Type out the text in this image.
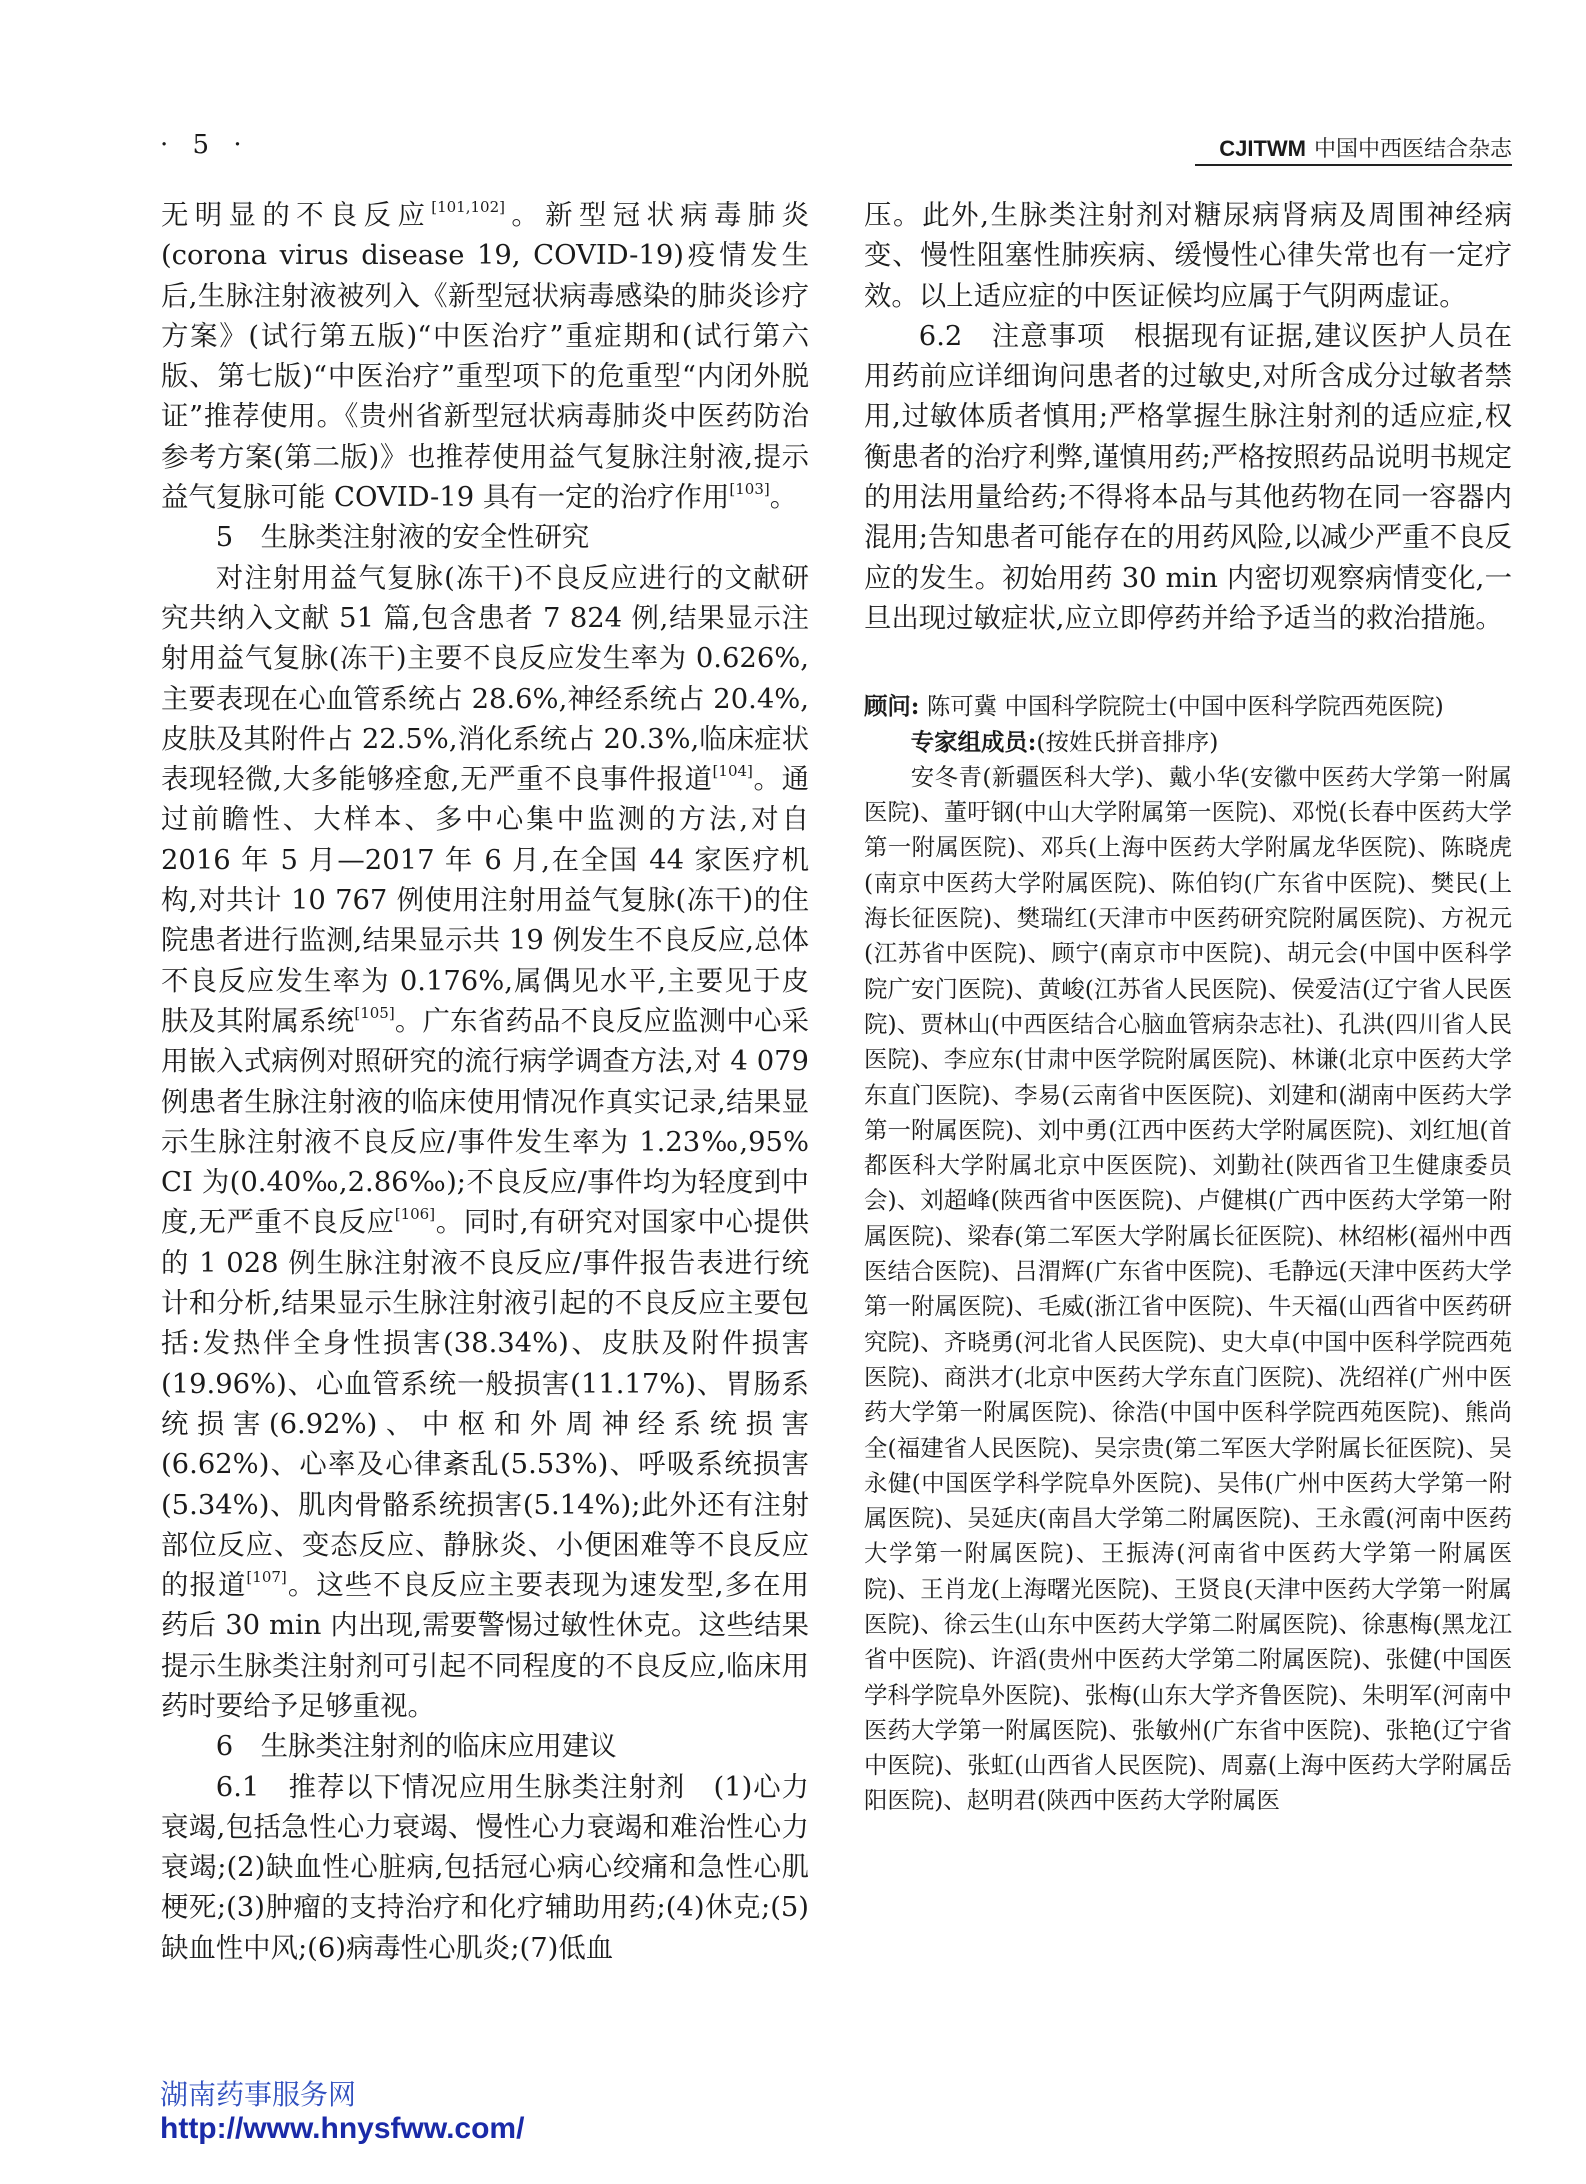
· 5 ·	CJITWM 中国中西医结合杂志

无明显的不良反应[101,102]。新型冠状病毒肺炎 (corona virus disease 19, COVID-19)疫情发生后,生脉注射液被列入《新型冠状病毒感染的肺炎诊疗方案》(试行第五版)“中医治疗”重症期和(试行第六版、第七版)“中医治疗”重型项下的危重型“内闭外脱证”推荐使用。《贵州省新型冠状病毒肺炎中医药防治参考方案(第二版)》也推荐使用益气复脉注射液,提示益气复脉可能 COVID-19 具有一定的治疗作用[103]。

5　生脉类注射液的安全性研究

对注射用益气复脉(冻干)不良反应进行的文献研究共纳入文献 51 篇,包含患者 7 824 例,结果显示注射用益气复脉(冻干)主要不良反应发生率为 0.626%,主要表现在心血管系统占 28.6%,神经系统占 20.4%,皮肤及其附件占 22.5%,消化系统占 20.3%,临床症状表现轻微,大多能够痊愈,无严重不良事件报道[104]。通过前瞻性、大样本、多中心集中监测的方法,对自 2016 年 5 月—2017 年 6 月,在全国 44 家医疗机构,对共计 10 767 例使用注射用益气复脉(冻干)的住院患者进行监测,结果显示共 19 例发生不良反应,总体不良反应发生率为 0.176%,属偶见水平,主要见于皮肤及其附属系统[105]。广东省药品不良反应监测中心采用嵌入式病例对照研究的流行病学调查方法,对 4 079 例患者生脉注射液的临床使用情况作真实记录,结果显示生脉注射液不良反应/事件发生率为 1.23‰,95% CI 为(0.40‰,2.86‰);不良反应/事件均为轻度到中度,无严重不良反应[106]。同时,有研究对国家中心提供的 1 028 例生脉注射液不良反应/事件报告表进行统计和分析,结果显示生脉注射液引起的不良反应主要包括:发热伴全身性损害(38.34%)、皮肤及附件损害(19.96%)、心血管系统一般损害(11.17%)、胃肠系统损害(6.92%)、中枢和外周神经系统损害(6.62%)、心率及心律紊乱(5.53%)、呼吸系统损害(5.34%)、肌肉骨骼系统损害(5.14%);此外还有注射部位反应、变态反应、静脉炎、小便困难等不良反应的报道[107]。这些不良反应主要表现为速发型,多在用药后 30 min 内出现,需要警惕过敏性休克。这些结果提示生脉类注射剂可引起不同程度的不良反应,临床用药时要给予足够重视。

6　生脉类注射剂的临床应用建议

6.1　推荐以下情况应用生脉类注射剂　(1)心力衰竭,包括急性心力衰竭、慢性心力衰竭和难治性心力衰竭;(2)缺血性心脏病,包括冠心病心绞痛和急性心肌梗死;(3)肿瘤的支持治疗和化疗辅助用药;(4)休克;(5)缺血性中风;(6)病毒性心肌炎;(7)低血

压。此外,生脉类注射剂对糖尿病肾病及周围神经病变、慢性阻塞性肺疾病、缓慢性心律失常也有一定疗效。以上适应症的中医证候均应属于气阴两虚证。

6.2　注意事项　根据现有证据,建议医护人员在用药前应详细询问患者的过敏史,对所含成分过敏者禁用,过敏体质者慎用;严格掌握生脉注射剂的适应症,权衡患者的治疗利弊,谨慎用药;严格按照药品说明书规定的用法用量给药;不得将本品与其他药物在同一容器内混用;告知患者可能存在的用药风险,以减少严重不良反应的发生。初始用药 30 min 内密切观察病情变化,一旦出现过敏症状,应立即停药并给予适当的救治措施。

顾问: 陈可冀 中国科学院院士(中国中医科学院西苑医院)

专家组成员:(按姓氏拼音排序)

安冬青(新疆医科大学)、戴小华(安徽中医药大学第一附属医院)、董吁钢(中山大学附属第一医院)、邓悦(长春中医药大学第一附属医院)、邓兵(上海中医药大学附属龙华医院)、陈晓虎(南京中医药大学附属医院)、陈伯钧(广东省中医院)、樊民(上海长征医院)、樊瑞红(天津市中医药研究院附属医院)、方祝元(江苏省中医院)、顾宁(南京市中医院)、胡元会(中国中医科学院广安门医院)、黄峻(江苏省人民医院)、侯爱洁(辽宁省人民医院)、贾林山(中西医结合心脑血管病杂志社)、孔洪(四川省人民医院)、李应东(甘肃中医学院附属医院)、林谦(北京中医药大学东直门医院)、李易(云南省中医医院)、刘建和(湖南中医药大学第一附属医院)、刘中勇(江西中医药大学附属医院)、刘红旭(首都医科大学附属北京中医医院)、刘勤社(陕西省卫生健康委员会)、刘超峰(陕西省中医医院)、卢健棋(广西中医药大学第一附属医院)、梁春(第二军医大学附属长征医院)、林绍彬(福州中西医结合医院)、吕渭辉(广东省中医院)、毛静远(天津中医药大学第一附属医院)、毛威(浙江省中医院)、牛天福(山西省中医药研究院)、齐晓勇(河北省人民医院)、史大卓(中国中医科学院西苑医院)、商洪才(北京中医药大学东直门医院)、冼绍祥(广州中医药大学第一附属医院)、徐浩(中国中医科学院西苑医院)、熊尚全(福建省人民医院)、吴宗贵(第二军医大学附属长征医院)、吴永健(中国医学科学院阜外医院)、吴伟(广州中医药大学第一附属医院)、吴延庆(南昌大学第二附属医院)、王永霞(河南中医药大学第一附属医院)、王振涛(河南省中医药大学第一附属医院)、王肖龙(上海曙光医院)、王贤良(天津中医药大学第一附属医院)、徐云生(山东中医药大学第二附属医院)、徐惠梅(黑龙江省中医院)、许滔(贵州中医药大学第二附属医院)、张健(中国医学科学院阜外医院)、张梅(山东大学齐鲁医院)、朱明军(河南中医药大学第一附属医院)、张敏州(广东省中医院)、张艳(辽宁省中医院)、张虹(山西省人民医院)、周嘉(上海中医药大学附属岳阳医院)、赵明君(陕西中医药大学附属医

湖南药事服务网
http://www.hnysfww.com/
